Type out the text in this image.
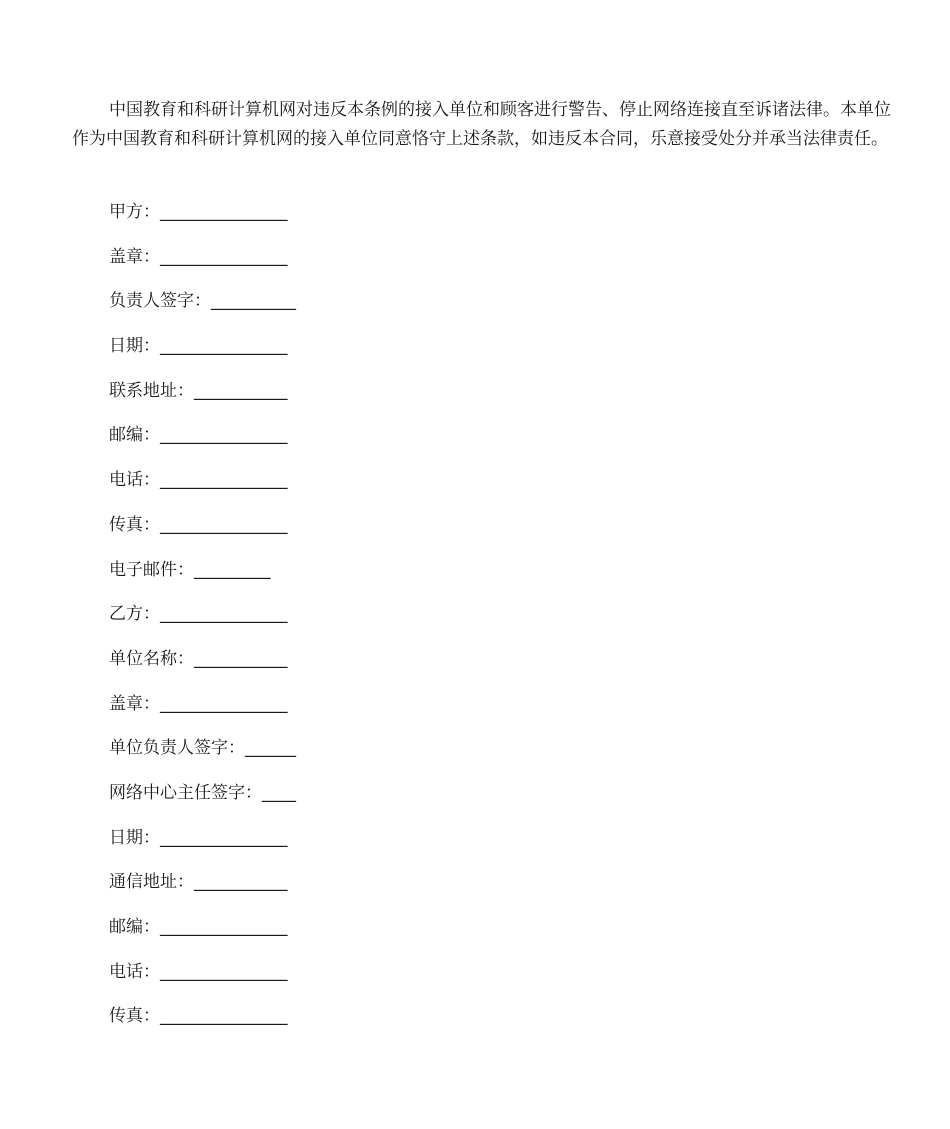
中国教育和科研计算机网对违反本条例的接入单位和顾客进行警告、停止网络连接直至诉诸法律。本单位作为中国教育和科研计算机网的接入单位同意恪守上述条款，如违反本合同，乐意接受处分并承当法律责任。

甲方：_______________
盖章：_______________
负责人签字：__________
日期：_______________
联系地址：___________
邮编：_______________
电话：_______________
传真：_______________
电子邮件：_________
乙方：_______________
单位名称：___________
盖章：_______________
单位负责人签字：______
网络中心主任签字：____
日期：_______________
通信地址：___________
邮编：_______________
电话：_______________
传真：_______________
